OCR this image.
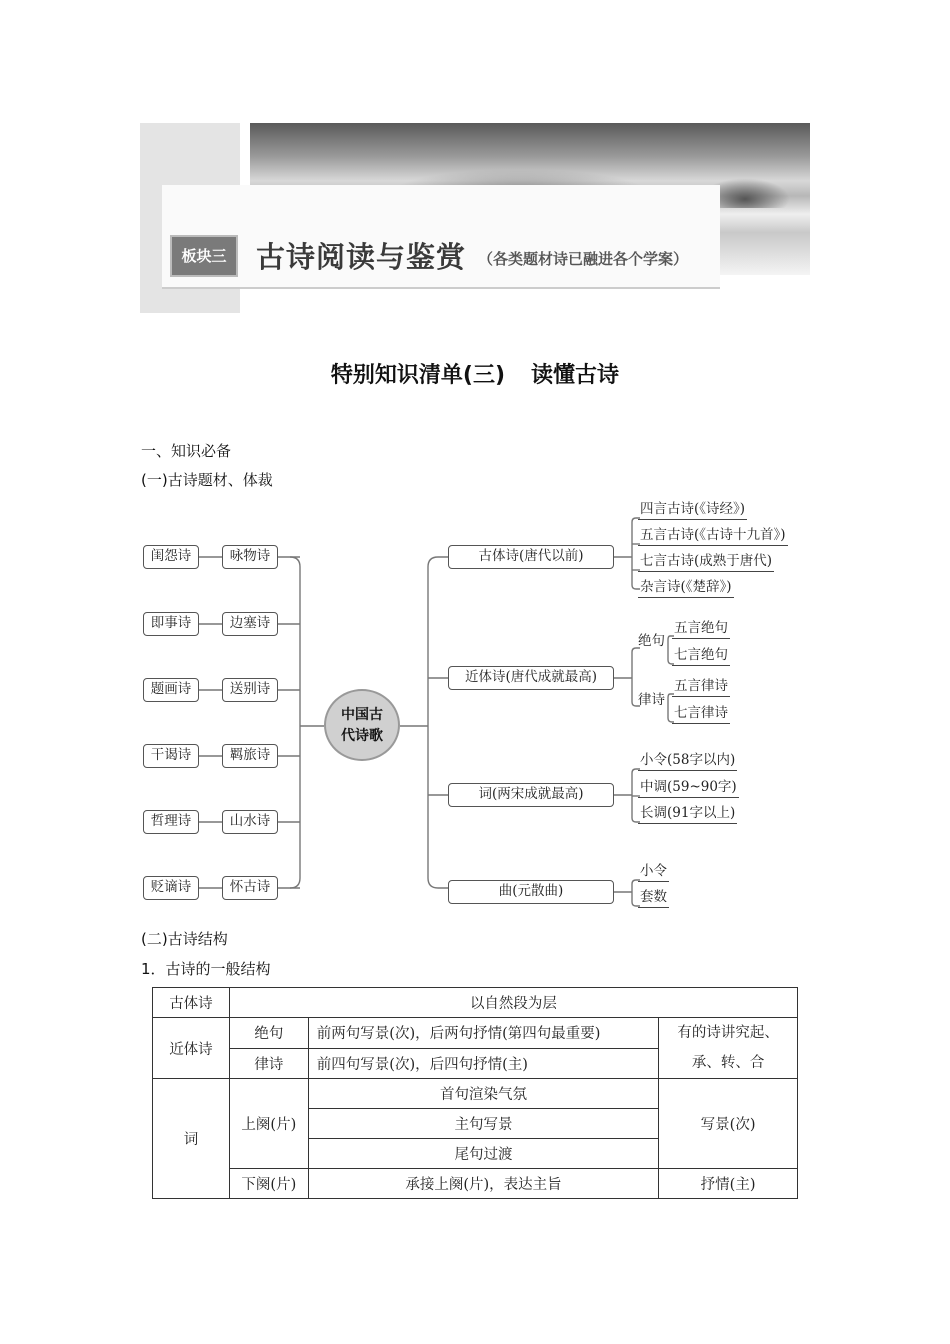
板块三	古诗阅读与鉴赏 （各类题材诗已融进各个学案）
特别知识清单(三) 读懂古诗
一、知识必备
(一)古诗题材、体裁
闺怨诗
即事诗
题画诗
干谒诗
哲理诗
贬谪诗
咏物诗
边塞诗
送别诗
羁旅诗
山水诗
怀古诗
中国古
代诗歌
古体诗(唐代以前)
近体诗(唐代成就最高)
词(两宋成就最高)
曲(元散曲)
四言古诗(《诗经》)
五言古诗(《古诗十九首》)
七言古诗(成熟于唐代)
杂言诗(《楚辞》)
绝句
五言绝句
七言绝句
律诗
五言律诗
七言律诗
小令(58字以内)
中调(59~90字)
长调(91字以上)
小令
套数
(二)古诗结构
1．古诗的一般结构
古体诗	以自然段为层		
近体诗	绝句	前两句写景(次)，后两句抒情(第四句最重要)	有的诗讲究起、
承、转、合

	律诗	前四句写景(次)，后四句抒情(主)	
词	上阕(片)	首句渲染气氛	写景(次)
		主句写景	
		尾句过渡	
	下阕(片)	承接上阕(片)，表达主旨	抒情(主)
